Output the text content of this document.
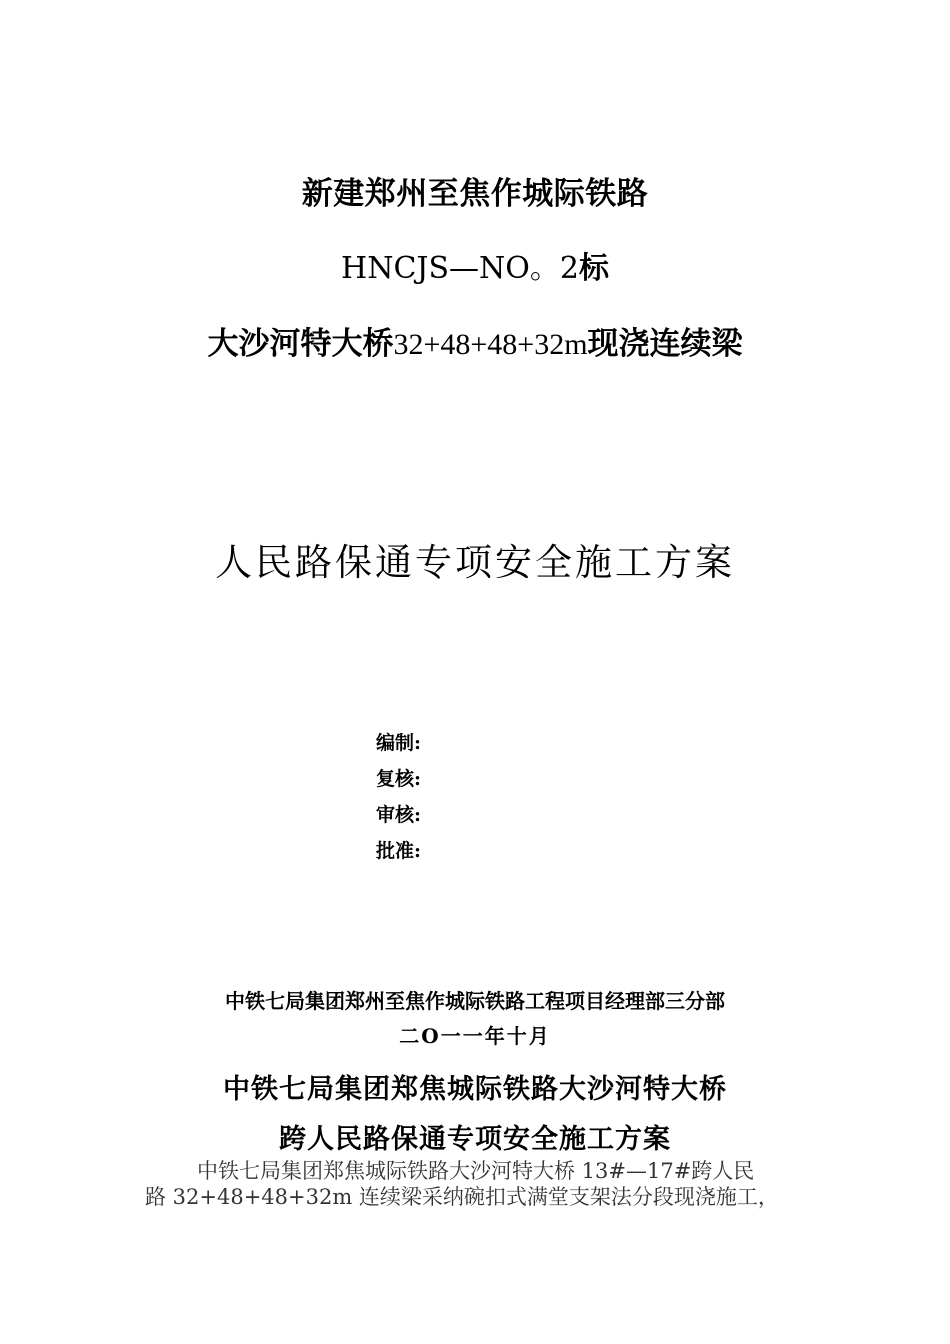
新建郑州至焦作城际铁路
HNCJS—NO。2标
大沙河特大桥32+48+48+32m现浇连续梁
人民路保通专项安全施工方案
编制:
复核:
审核:
批准:
中铁七局集团郑州至焦作城际铁路工程项目经理部三分部
二O一一年十月
中铁七局集团郑焦城际铁路大沙河特大桥
跨人民路保通专项安全施工方案
中铁七局集团郑焦城际铁路大沙河特大桥 13#—17#跨人民
路 32+48+48+32m 连续梁采纳碗扣式满堂支架法分段现浇施工，
